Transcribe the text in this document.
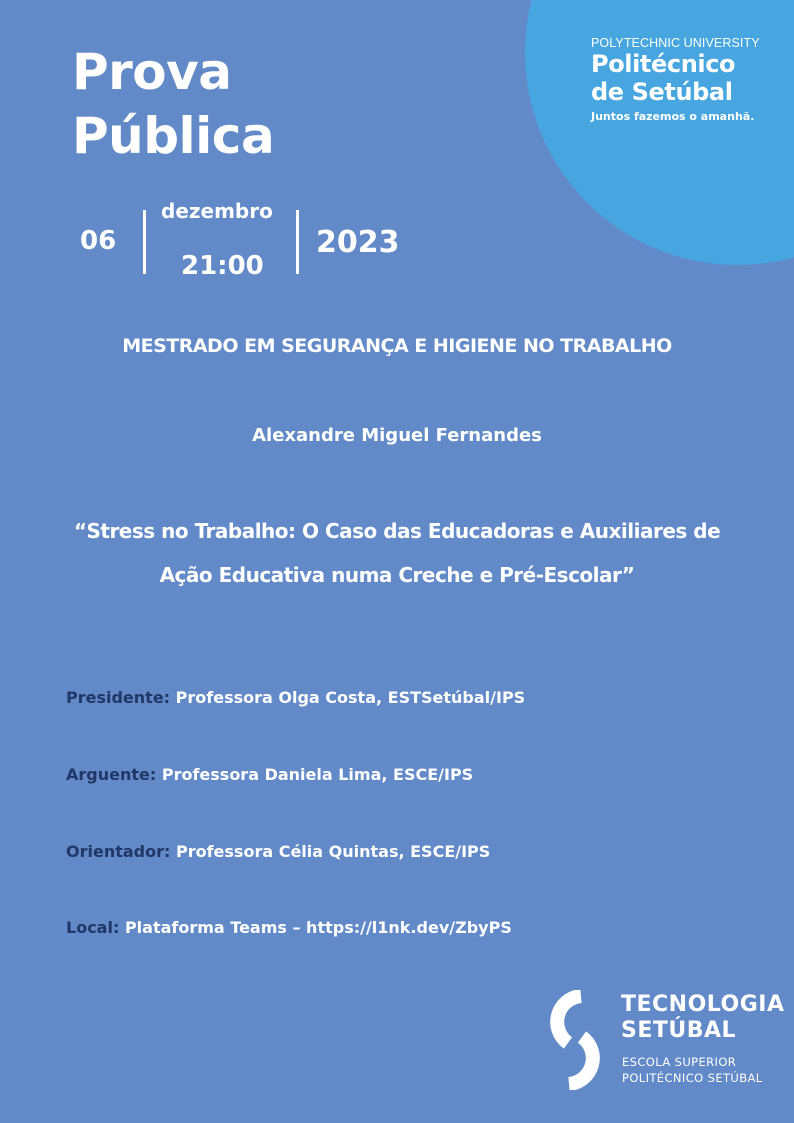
POLYTECHNIC UNIVERSITY
Politécnico
de Setúbal
Juntos fazemos o amanhã.
Prova
Pública
06
dezembro
21:00
2023
MESTRADO EM SEGURANÇA E HIGIENE NO TRABALHO
Alexandre Miguel Fernandes
“Stress no Trabalho: O Caso das Educadoras e Auxiliares de Ação Educativa numa Creche e Pré-Escolar”
Presidente: Professora Olga Costa, ESTSetúbal/IPS
Arguente: Professora Daniela Lima, ESCE/IPS
Orientador: Professora Célia Quintas, ESCE/IPS
Local: Plataforma Teams – https://l1nk.dev/ZbyPS
TECNOLOGIA
SETÚBAL
ESCOLA SUPERIOR
POLITÉCNICO SETÚBAL
